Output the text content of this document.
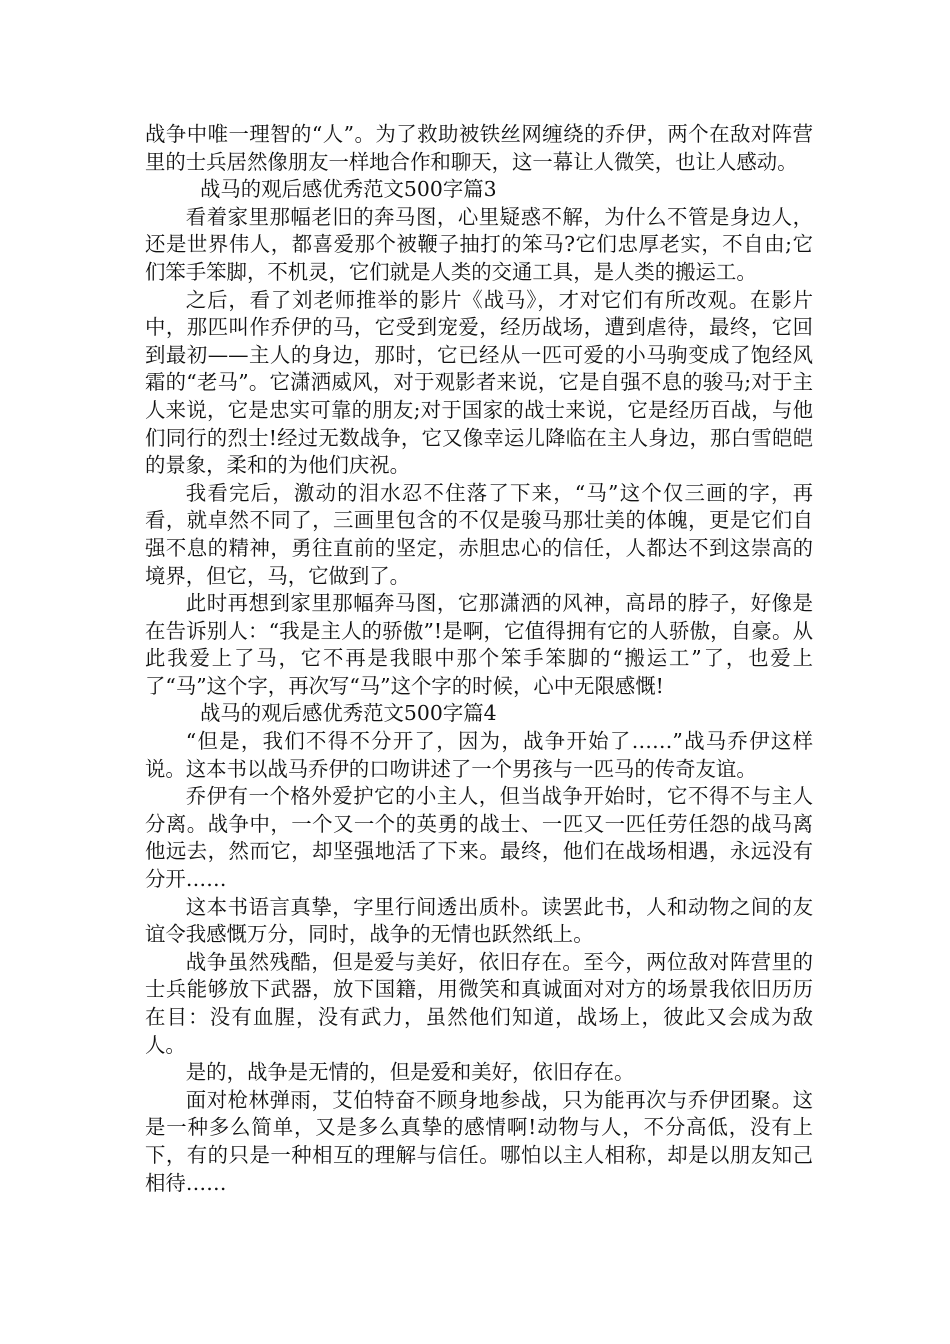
战争中唯一理智的“人”。为了救助被铁丝网缠绕的乔伊，两个在敌对阵营里的士兵居然像朋友一样地合作和聊天，这一幕让人微笑，也让人感动。

战马的观后感优秀范文500字篇3

看着家里那幅老旧的奔马图，心里疑惑不解，为什么不管是身边人，还是世界伟人，都喜爱那个被鞭子抽打的笨马?它们忠厚老实，不自由;它们笨手笨脚，不机灵，它们就是人类的交通工具，是人类的搬运工。

之后，看了刘老师推举的影片《战马》，才对它们有所改观。在影片中，那匹叫作乔伊的马，它受到宠爱，经历战场，遭到虐待，最终，它回到最初——主人的身边，那时，它已经从一匹可爱的小马驹变成了饱经风霜的“老马”。它潇洒威风，对于观影者来说，它是自强不息的骏马;对于主人来说，它是忠实可靠的朋友;对于国家的战士来说，它是经历百战，与他们同行的烈士!经过无数战争，它又像幸运儿降临在主人身边，那白雪皑皑的景象，柔和的为他们庆祝。

我看完后，激动的泪水忍不住落了下来，“马”这个仅三画的字，再看，就卓然不同了，三画里包含的不仅是骏马那壮美的体魄，更是它们自强不息的精神，勇往直前的坚定，赤胆忠心的信任，人都达不到这崇高的境界，但它，马，它做到了。

此时再想到家里那幅奔马图，它那潇洒的风神，高昂的脖子，好像是在告诉别人：“我是主人的骄傲”!是啊，它值得拥有它的人骄傲，自豪。从此我爱上了马，它不再是我眼中那个笨手笨脚的“搬运工”了，也爱上了“马”这个字，再次写“马”这个字的时候，心中无限感慨!

战马的观后感优秀范文500字篇4

“但是，我们不得不分开了，因为，战争开始了……”战马乔伊这样说。这本书以战马乔伊的口吻讲述了一个男孩与一匹马的传奇友谊。

乔伊有一个格外爱护它的小主人，但当战争开始时，它不得不与主人分离。战争中，一个又一个的英勇的战士、一匹又一匹任劳任怨的战马离他远去，然而它，却坚强地活了下来。最终，他们在战场相遇，永远没有分开……

这本书语言真挚，字里行间透出质朴。读罢此书，人和动物之间的友谊令我感慨万分，同时，战争的无情也跃然纸上。

战争虽然残酷，但是爱与美好，依旧存在。至今，两位敌对阵营里的士兵能够放下武器，放下国籍，用微笑和真诚面对对方的场景我依旧历历在目：没有血腥，没有武力，虽然他们知道，战场上，彼此又会成为敌人。

是的，战争是无情的，但是爱和美好，依旧存在。

面对枪林弹雨，艾伯特奋不顾身地参战，只为能再次与乔伊团聚。这是一种多么简单，又是多么真挚的感情啊!动物与人，不分高低，没有上下，有的只是一种相互的理解与信任。哪怕以主人相称，却是以朋友知己相待……
